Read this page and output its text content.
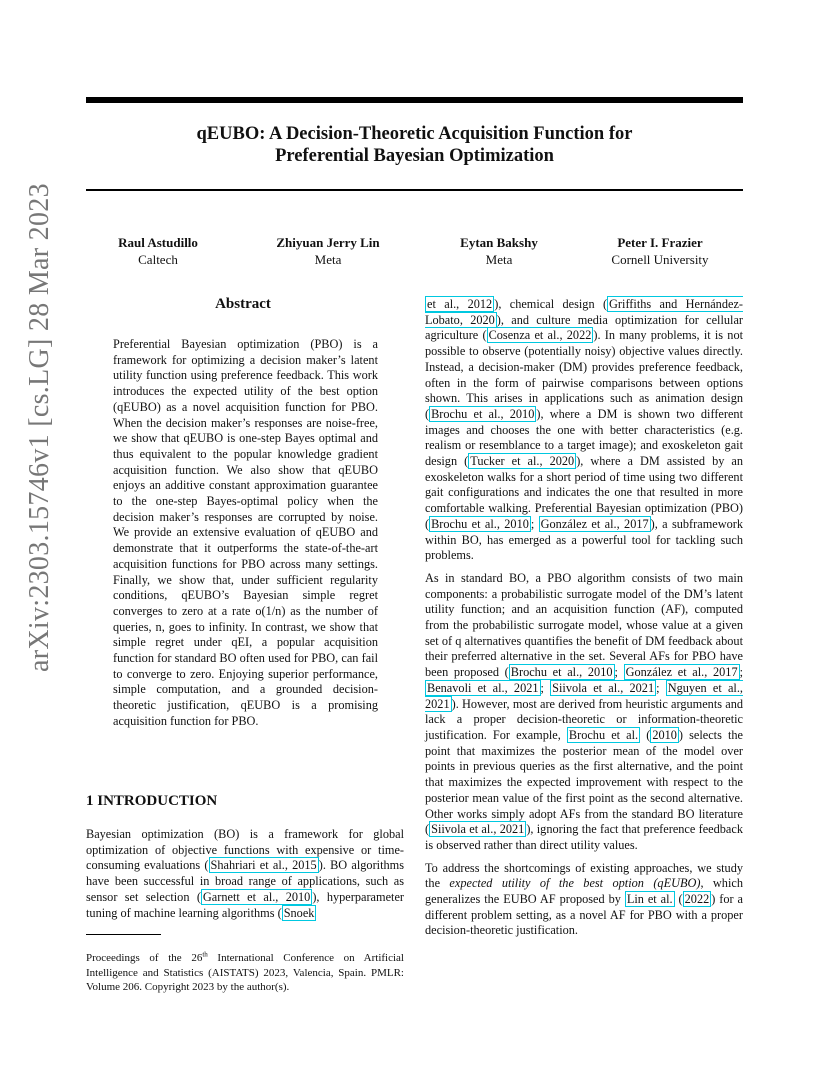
arXiv:2303.15746v1 [cs.LG] 28 Mar 2023
qEUBO: A Decision-Theoretic Acquisition Function for
Preferential Bayesian Optimization
Raul Astudillo
Caltech
Zhiyuan Jerry Lin
Meta
Eytan Bakshy
Meta
Peter I. Frazier
Cornell University
Abstract

Preferential Bayesian optimization (PBO) is a framework for optimizing a decision maker’s latent utility function using preference feedback. This work introduces the expected utility of the best option (qEUBO) as a novel acquisition function for PBO. When the decision maker’s responses are noise-free, we show that qEUBO is one-step Bayes optimal and thus equivalent to the popular knowledge gradient acquisition function. We also show that qEUBO enjoys an additive constant approximation guarantee to the one-step Bayes-optimal policy when the decision maker’s responses are corrupted by noise. We provide an extensive evaluation of qEUBO and demonstrate that it outperforms the state-of-the-art acquisition functions for PBO across many settings. Finally, we show that, under sufficient regularity conditions, qEUBO’s Bayesian simple regret converges to zero at a rate o(1/n) as the number of queries, n, goes to infinity. In contrast, we show that simple regret under qEI, a popular acquisition function for standard BO often used for PBO, can fail to converge to zero. Enjoying superior performance, simple computation, and a grounded decision-theoretic justification, qEUBO is a promising acquisition function for PBO.

1 INTRODUCTION

Bayesian optimization (BO) is a framework for global optimization of objective functions with expensive or time-consuming evaluations ( Shahriari et al., 2015 ). BO algorithms have been successful in broad range of applications, such as sensor set selection ( Garnett et al., 2010 ), hyperparameter tuning of machine learning algorithms ( Snoek

Proceedings of the 26th International Conference on Artificial Intelligence and Statistics (AISTATS) 2023, Valencia, Spain. PMLR: Volume 206. Copyright 2023 by the author(s).

et al., 2012 ), chemical design ( Griffiths and Hernández-Lobato, 2020 ), and culture media optimization for cellular agriculture ( Cosenza et al., 2022 ). In many problems, it is not possible to observe (potentially noisy) objective values directly. Instead, a decision-maker (DM) provides preference feedback, often in the form of pairwise comparisons between options shown. This arises in applications such as animation design ( Brochu et al., 2010 ), where a DM is shown two different images and chooses the one with better characteristics (e.g. realism or resemblance to a target image); and exoskeleton gait design ( Tucker et al., 2020 ), where a DM assisted by an exoskeleton walks for a short period of time using two different gait configurations and indicates the one that resulted in more comfortable walking. Preferential Bayesian optimization (PBO) ( Brochu et al., 2010 ; González et al., 2017 ), a subframework within BO, has emerged as a powerful tool for tackling such problems.

As in standard BO, a PBO algorithm consists of two main components: a probabilistic surrogate model of the DM’s latent utility function; and an acquisition function (AF), computed from the probabilistic surrogate model, whose value at a given set of q alternatives quantifies the benefit of DM feedback about their preferred alternative in the set. Several AFs for PBO have been proposed ( Brochu et al., 2010 ; González et al., 2017 ; Benavoli et al., 2021 ; Siivola et al., 2021 ; Nguyen et al., 2021 ). However, most are derived from heuristic arguments and lack a proper decision-theoretic or information-theoretic justification. For example, Brochu et al. ( 2010 ) selects the point that maximizes the posterior mean of the model over points in previous queries as the first alternative, and the point that maximizes the expected improvement with respect to the posterior mean value of the first point as the second alternative. Other works simply adopt AFs from the standard BO literature ( Siivola et al., 2021 ), ignoring the fact that preference feedback is observed rather than direct utility values.

To address the shortcomings of existing approaches, we study the expected utility of the best option (qEUBO), which generalizes the EUBO AF proposed by Lin et al. ( 2022 ) for a different problem setting, as a novel AF for PBO with a proper decision-theoretic justification.
